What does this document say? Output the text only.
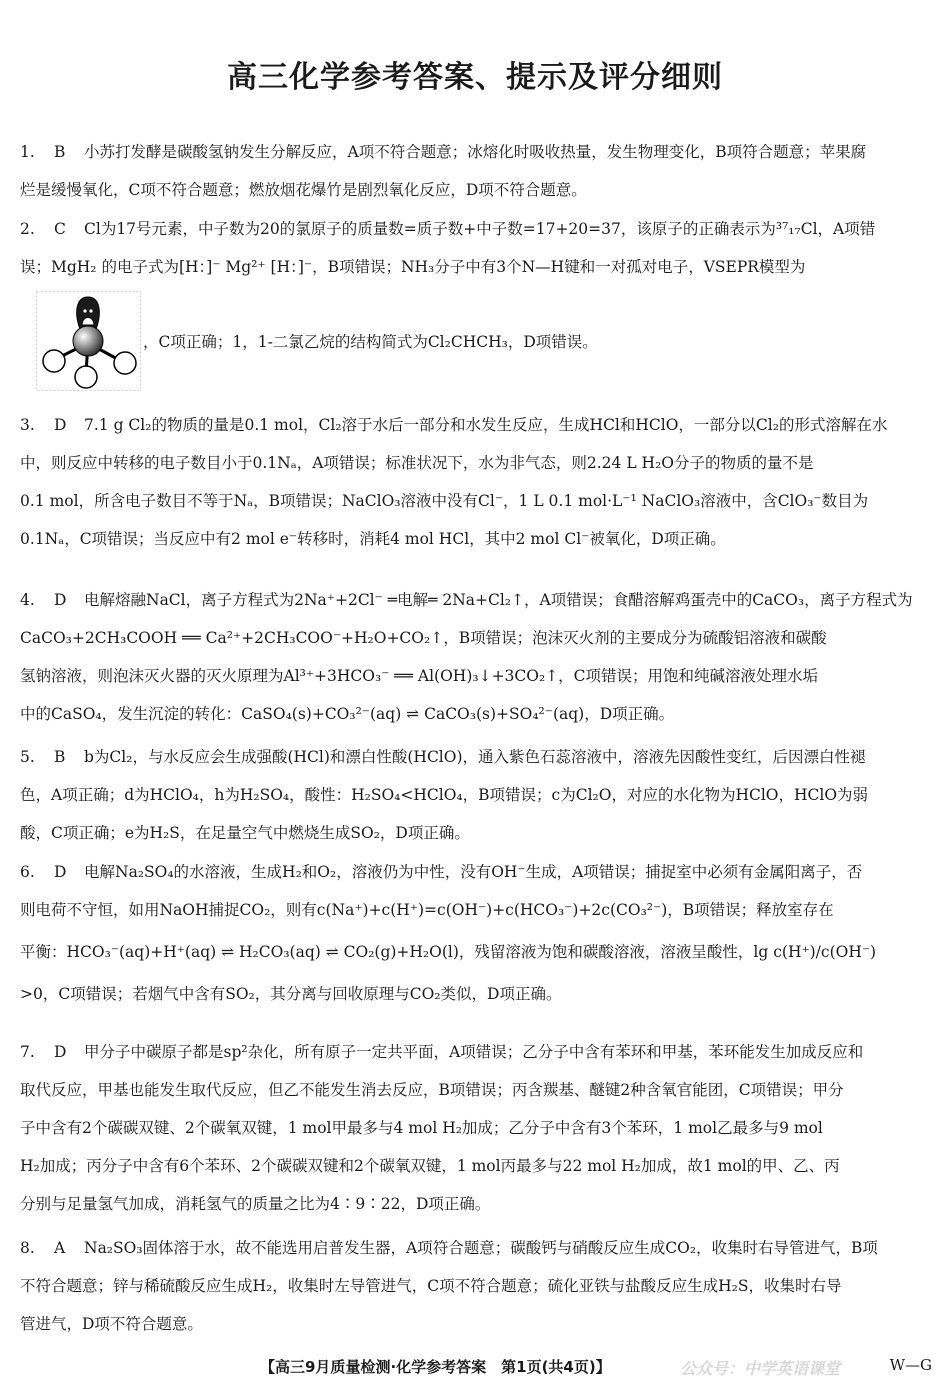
高三化学参考答案、提示及评分细则
1. B 小苏打发酵是碳酸氢钠发生分解反应，A项不符合题意；冰熔化时吸收热量，发生物理变化，B项符合题意；苹果腐
烂是缓慢氧化，C项不符合题意；燃放烟花爆竹是剧烈氧化反应，D项不符合题意。
2. C Cl为17号元素，中子数为20的氯原子的质量数=质子数+中子数=17+20=37，该原子的正确表示为³⁷₁₇Cl，A项错
误；MgH₂ 的电子式为[H：]⁻ Mg²⁺ [H：]⁻，B项错误；NH₃分子中有3个N—H键和一对孤对电子，VSEPR模型为
，C项正确；1，1-二氯乙烷的结构简式为Cl₂CHCH₃，D项错误。
3. D 7.1 g Cl₂的物质的量是0.1 mol，Cl₂溶于水后一部分和水发生反应，生成HCl和HClO，一部分以Cl₂的形式溶解在水
中，则反应中转移的电子数目小于0.1Nₐ，A项错误；标准状况下，水为非气态，则2.24 L H₂O分子的物质的量不是
0.1 mol，所含电子数目不等于Nₐ，B项错误；NaClO₃溶液中没有Cl⁻，1 L 0.1 mol·L⁻¹ NaClO₃溶液中，含ClO₃⁻数目为
0.1Nₐ，C项错误；当反应中有2 mol e⁻转移时，消耗4 mol HCl，其中2 mol Cl⁻被氧化，D项正确。
4. D 电解熔融NaCl，离子方程式为2Na⁺+2Cl⁻ ═电解═ 2Na+Cl₂↑，A项错误；食醋溶解鸡蛋壳中的CaCO₃，离子方程式为
CaCO₃+2CH₃COOH ══ Ca²⁺+2CH₃COO⁻+H₂O+CO₂↑，B项错误；泡沫灭火剂的主要成分为硫酸铝溶液和碳酸
氢钠溶液，则泡沫灭火器的灭火原理为Al³⁺+3HCO₃⁻ ══ Al(OH)₃↓+3CO₂↑，C项错误；用饱和纯碱溶液处理水垢
中的CaSO₄，发生沉淀的转化：CaSO₄(s)+CO₃²⁻(aq) ⇌ CaCO₃(s)+SO₄²⁻(aq)，D项正确。
5. B b为Cl₂，与水反应会生成强酸(HCl)和漂白性酸(HClO)，通入紫色石蕊溶液中，溶液先因酸性变红，后因漂白性褪
色，A项正确；d为HClO₄，h为H₂SO₄，酸性：H₂SO₄<HClO₄，B项错误；c为Cl₂O，对应的水化物为HClO，HClO为弱
酸，C项正确；e为H₂S，在足量空气中燃烧生成SO₂，D项正确。
6. D 电解Na₂SO₄的水溶液，生成H₂和O₂，溶液仍为中性，没有OH⁻生成，A项错误；捕捉室中必须有金属阳离子，否
则电荷不守恒，如用NaOH捕捉CO₂，则有c(Na⁺)+c(H⁺)=c(OH⁻)+c(HCO₃⁻)+2c(CO₃²⁻)，B项错误；释放室存在
平衡：HCO₃⁻(aq)+H⁺(aq) ⇌ H₂CO₃(aq) ⇌ CO₂(g)+H₂O(l)，残留溶液为饱和碳酸溶液，溶液呈酸性，lg c(H⁺)/c(OH⁻)
>0，C项错误；若烟气中含有SO₂，其分离与回收原理与CO₂类似，D项正确。
7. D 甲分子中碳原子都是sp²杂化，所有原子一定共平面，A项错误；乙分子中含有苯环和甲基，苯环能发生加成反应和
取代反应，甲基也能发生取代反应，但乙不能发生消去反应，B项错误；丙含羰基、醚键2种含氧官能团，C项错误；甲分
子中含有2个碳碳双键、2个碳氧双键，1 mol甲最多与4 mol H₂加成；乙分子中含有3个苯环，1 mol乙最多与9 mol
H₂加成；丙分子中含有6个苯环、2个碳碳双键和2个碳氧双键，1 mol丙最多与22 mol H₂加成，故1 mol的甲、乙、丙
分别与足量氢气加成，消耗氢气的质量之比为4∶9∶22，D项正确。
8. A Na₂SO₃固体溶于水，故不能选用启普发生器，A项符合题意；碳酸钙与硝酸反应生成CO₂，收集时右导管进气，B项
不符合题意；锌与稀硫酸反应生成H₂，收集时左导管进气，C项不符合题意；硫化亚铁与盐酸反应生成H₂S，收集时右导
管进气，D项不符合题意。
【高三9月质量检测·化学参考答案　第1页(共4页)】	公众号：中学英语课堂	W—G
